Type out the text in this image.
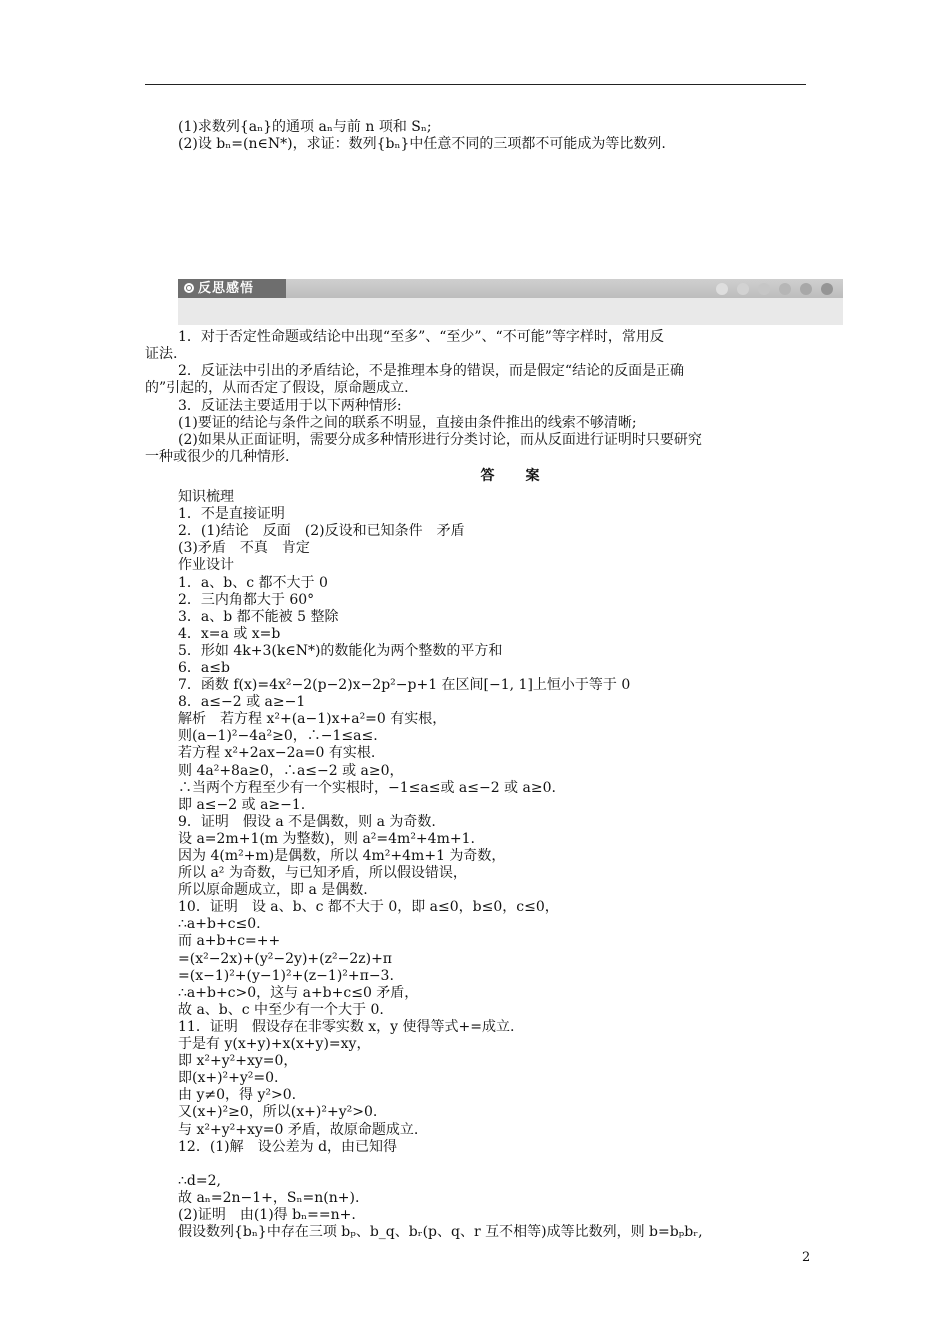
(1)求数列{aₙ}的通项 aₙ与前 n 项和 Sₙ;
(2)设 bₙ=(n∈N*)，求证：数列{bₙ}中任意不同的三项都不可能成为等比数列.
反思感悟
1．对于否定性命题或结论中出现“至多”、“至少”、“不可能”等字样时，常用反
证法.
2．反证法中引出的矛盾结论，不是推理本身的错误，而是假定“结论的反面是正确
的”引起的，从而否定了假设，原命题成立.
3．反证法主要适用于以下两种情形:
(1)要证的结论与条件之间的联系不明显，直接由条件推出的线索不够清晰;
(2)如果从正面证明，需要分成多种情形进行分类讨论，而从反面进行证明时只要研究
一种或很少的几种情形.
答　　案
知识梳理
1．不是直接证明
2．(1)结论　反面　(2)反设和已知条件　矛盾
(3)矛盾　不真　肯定
作业设计
1．a、b、c 都不大于 0
2．三内角都大于 60°
3．a、b 都不能被 5 整除
4．x=a 或 x=b
5．形如 4k+3(k∈N*)的数能化为两个整数的平方和
6．a≤b
7．函数 f(x)=4x²−2(p−2)x−2p²−p+1 在区间[−1, 1]上恒小于等于 0
8．a≤−2 或 a≥−1
解析　若方程 x²+(a−1)x+a²=0 有实根，
则(a−1)²−4a²≥0，∴−1≤a≤.
若方程 x²+2ax−2a=0 有实根.
则 4a²+8a≥0，∴a≤−2 或 a≥0，
∴当两个方程至少有一个实根时，−1≤a≤或 a≤−2 或 a≥0.
即 a≤−2 或 a≥−1.
9．证明　假设 a 不是偶数，则 a 为奇数.
设 a=2m+1(m 为整数)，则 a²=4m²+4m+1.
因为 4(m²+m)是偶数，所以 4m²+4m+1 为奇数，
所以 a² 为奇数，与已知矛盾，所以假设错误，
所以原命题成立，即 a 是偶数.
10．证明　设 a、b、c 都不大于 0，即 a≤0，b≤0，c≤0，
∴a+b+c≤0.
而 a+b+c=++
=(x²−2x)+(y²−2y)+(z²−2z)+π
=(x−1)²+(y−1)²+(z−1)²+π−3.
∴a+b+c>0，这与 a+b+c≤0 矛盾，
故 a、b、c 中至少有一个大于 0.
11．证明　假设存在非零实数 x，y 使得等式+=成立.
于是有 y(x+y)+x(x+y)=xy，
即 x²+y²+xy=0，
即(x+)²+y²=0.
由 y≠0，得 y²>0.
又(x+)²≥0，所以(x+)²+y²>0.
与 x²+y²+xy=0 矛盾，故原命题成立.
12．(1)解　设公差为 d，由已知得
∴d=2,
故 aₙ=2n−1+，Sₙ=n(n+).
(2)证明　由(1)得 bₙ==n+.
假设数列{bₙ}中存在三项 bₚ、b_q、bᵣ(p、q、r 互不相等)成等比数列，则 b=bₚbᵣ,
2
